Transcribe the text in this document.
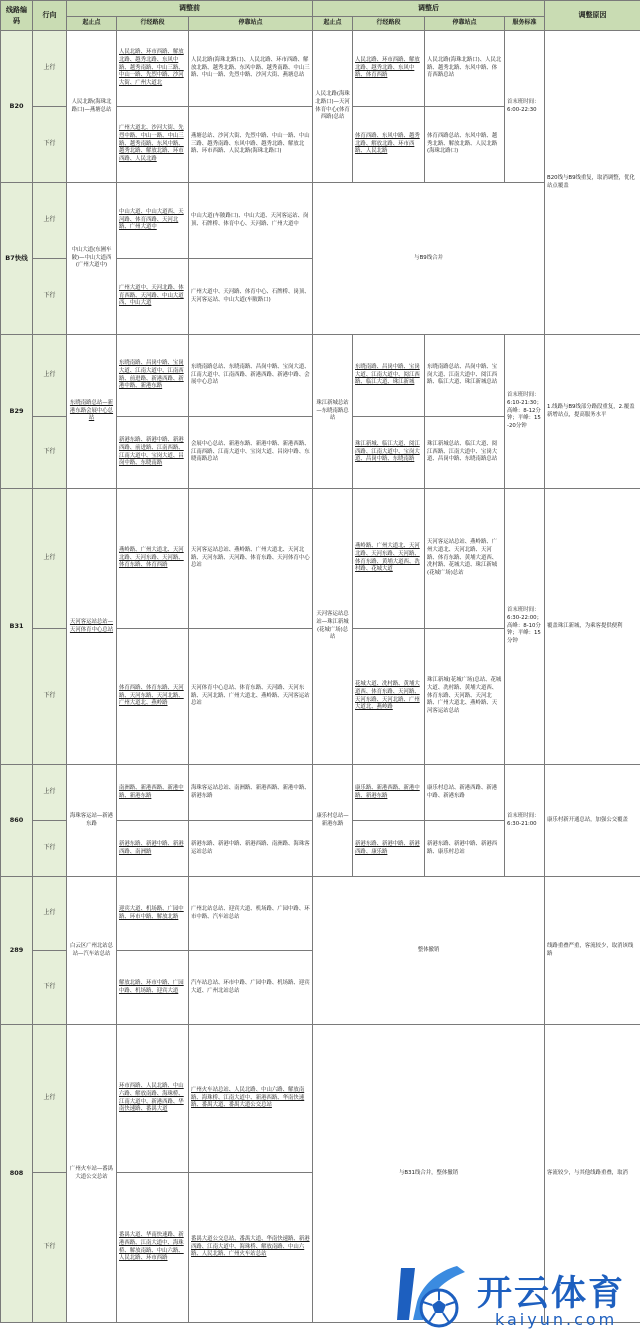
线路编码	行向	调整前			调整后				调整原因
		起止点	行经路段	停靠站点	起止点	行经路段	停靠站点	服务标准	
B20	上行	人民北路(海珠北路口)—燕塘总站	人民北路、环市西路、解放北路、越秀北路、东风中路、越秀南路、中山三路、中山一路、先烈中路、沙河大街、广州大道北	人民北路(海珠北路口)、人民北路、环市西路、解放北路、越秀北路、东风中路、越秀南路、中山三路、中山一路、先烈中路、沙河大街、燕塘总站	人民北路(海珠北路口)—天河体育中心(体育西路)总站	人民北路、环市西路、解放北路、越秀北路、东风中路、体育西路	人民北路(海珠北路口)、人民北路、越秀北路、东风中路、体育西路总站	首末班时间：6:00-22:30	B20线与B9线重复，取消调整，优化站点覆盖
	下行		广州大道北、沙河大街、先烈中路、中山一路、中山三路、越秀南路、东风中路、越秀北路、解放北路、环市西路、人民北路	燕塘总站、沙河大街、先烈中路、中山一路、中山三路、越秀南路、东风中路、越秀北路、解放北路、环市西路、人民北路(海珠北路口)		体育西路、东风中路、越秀北路、解放北路、环市西路、人民北路	体育西路总站、东风中路、越秀北路、解放北路、人民北路(海珠北路口)		
B7快线	上行	中山大道(东圃车陂)—中山大道西(广州大道中)	中山大道、中山大道西、天河路、体育西路、天河北路、广州大道中	中山大道(车陂路口)、中山大道、天河客运站、岗顶、石牌桥、体育中心、天河路、广州大道中	与B9线合并				
	下行		广州大道中、天河北路、体育西路、天河路、中山大道西、中山大道	广州大道中、天河路、体育中心、石牌桥、岗顶、天河客运站、中山大道(车陂路口)					
B29	上行	东晓南路总站—新港东路会展中心总站	东晓南路、昌岗中路、宝岗大道、江南大道中、江南西路、前进路、新港西路、新港中路、新港东路	东晓南路总站、东晓南路、昌岗中路、宝岗大道、江南大道中、江南西路、新港西路、新港中路、会展中心总站	珠江新城总站—东晓南路总站	东晓南路、昌岗中路、宝岗大道、江南大道中、阅江西路、临江大道、珠江新城	东晓南路总站、昌岗中路、宝岗大道、江南大道中、阅江西路、临江大道、珠江新城总站	首末班时间：6:10-21:30；高峰：8-12分钟；平峰：15-20分钟	1.线路与B9线部分路段重复，2.覆盖新增站点，提高服务水平
	下行		新港东路、新港中路、新港西路、前进路、江南西路、江南大道中、宝岗大道、昌岗中路、东晓南路	会展中心总站、新港东路、新港中路、新港西路、江南西路、江南大道中、宝岗大道、昌岗中路、东晓南路总站		珠江新城、临江大道、阅江西路、江南大道中、宝岗大道、昌岗中路、东晓南路	珠江新城总站、临江大道、阅江西路、江南大道中、宝岗大道、昌岗中路、东晓南路总站		
B31	上行	天河客运站总站—天河体育中心总站	燕岭路、广州大道北、天河北路、天河东路、天河路、体育东路、体育西路	天河客运站总站、燕岭路、广州大道北、天河北路、天河东路、天河路、体育东路、天河体育中心总站	天河客运站总站—珠江新城(花城广场)总站	燕岭路、广州大道北、天河北路、天河东路、天河路、体育东路、黄埔大道西、冼村路、花城大道	天河客运站总站、燕岭路、广州大道北、天河北路、天河路、体育东路、黄埔大道西、冼村路、花城大道、珠江新城(花城广场)总站	首末班时间：6:30-22:00；高峰：8-10分钟；平峰：15分钟	覆盖珠江新城，为乘客提供便利
	下行		体育西路、体育东路、天河路、天河东路、天河北路、广州大道北、燕岭路	天河体育中心总站、体育东路、天河路、天河东路、天河北路、广州大道北、燕岭路、天河客运站总站		花城大道、冼村路、黄埔大道西、体育东路、天河路、天河东路、天河北路、广州大道北、燕岭路	珠江新城(花城广场)总站、花城大道、冼村路、黄埔大道西、体育东路、天河路、天河北路、广州大道北、燕岭路、天河客运站总站		
860	上行	海珠客运站—新港东路	南洲路、新港西路、新港中路、新港东路	海珠客运站总站、南洲路、新港西路、新港中路、新港东路	康乐村总站—新港东路	康乐路、新港西路、新港中路、新港东路	康乐村总站、新港西路、新港中路、新港东路	首末班时间：6:30-21:00	康乐村新开通总站，加强公交覆盖
	下行		新港东路、新港中路、新港西路、南洲路	新港东路、新港中路、新港西路、南洲路、海珠客运站总站		新港东路、新港中路、新港西路、康乐路	新港东路、新港中路、新港西路、康乐村总站		
289	上行	白云区广州北站总站—汽车站总站	迎宾大道、机场路、广园中路、环市中路、解放北路	广州北站总站、迎宾大道、机场路、广园中路、环市中路、汽车站总站	整体撤销				线路重叠严重，客流较少，取消该线路
	下行		解放北路、环市中路、广园中路、机场路、迎宾大道	汽车站总站、环市中路、广园中路、机场路、迎宾大道、广州北站总站					
808	上行	广州火车站—番禺大道公交总站	环市西路、人民北路、中山六路、解放南路、海珠桥、江南大道中、新港西路、华南快速路、番禺大道	广州火车站总站、人民北路、中山六路、解放南路、海珠桥、江南大道中、新港西路、华南快速路、番禺大道、番禺大道公交总站	与B31线合并，整体撤销				客流较少，与其他线路重叠，取消
	下行		番禺大道、华南快速路、新港西路、江南大道中、海珠桥、解放南路、中山六路、人民北路、环市西路	番禺大道公交总站、番禺大道、华南快速路、新港西路、江南大道中、海珠桥、解放南路、中山六路、人民北路、广州火车站总站					
开云体育
kaiyun.com
